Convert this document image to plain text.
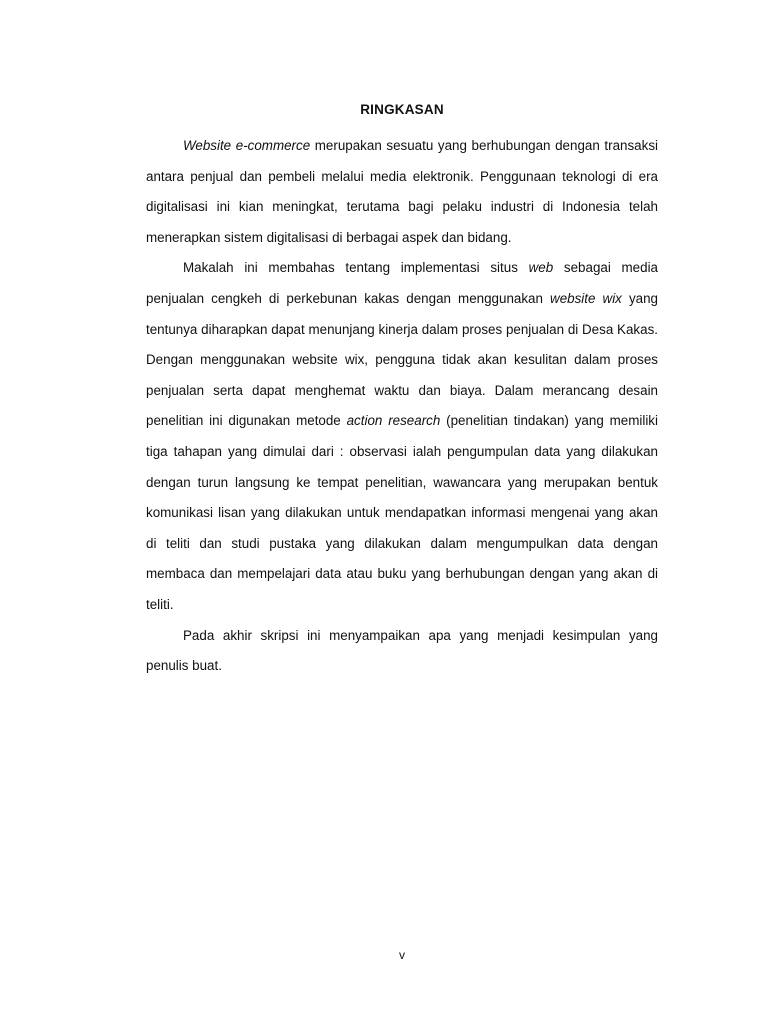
RINGKASAN

Website e-commerce merupakan sesuatu yang berhubungan dengan transaksi antara penjual dan pembeli melalui media elektronik. Penggunaan teknologi di era digitalisasi ini kian meningkat, terutama bagi pelaku industri di Indonesia telah menerapkan sistem digitalisasi di berbagai aspek dan bidang.

Makalah ini membahas tentang implementasi situs web sebagai media penjualan cengkeh di perkebunan kakas dengan menggunakan website wix yang tentunya diharapkan dapat menunjang kinerja dalam proses penjualan di Desa Kakas. Dengan menggunakan website wix, pengguna tidak akan kesulitan dalam proses penjualan serta dapat menghemat waktu dan biaya. Dalam merancang desain penelitian ini digunakan metode action research (penelitian tindakan) yang memiliki tiga tahapan yang dimulai dari : observasi ialah pengumpulan data yang dilakukan dengan turun langsung ke tempat penelitian, wawancara yang merupakan bentuk komunikasi lisan yang dilakukan untuk mendapatkan informasi mengenai yang akan di teliti dan studi pustaka yang dilakukan dalam mengumpulkan data dengan membaca dan mempelajari data atau buku yang berhubungan dengan yang akan di teliti.

Pada akhir skripsi ini menyampaikan apa yang menjadi kesimpulan yang penulis buat.

v
